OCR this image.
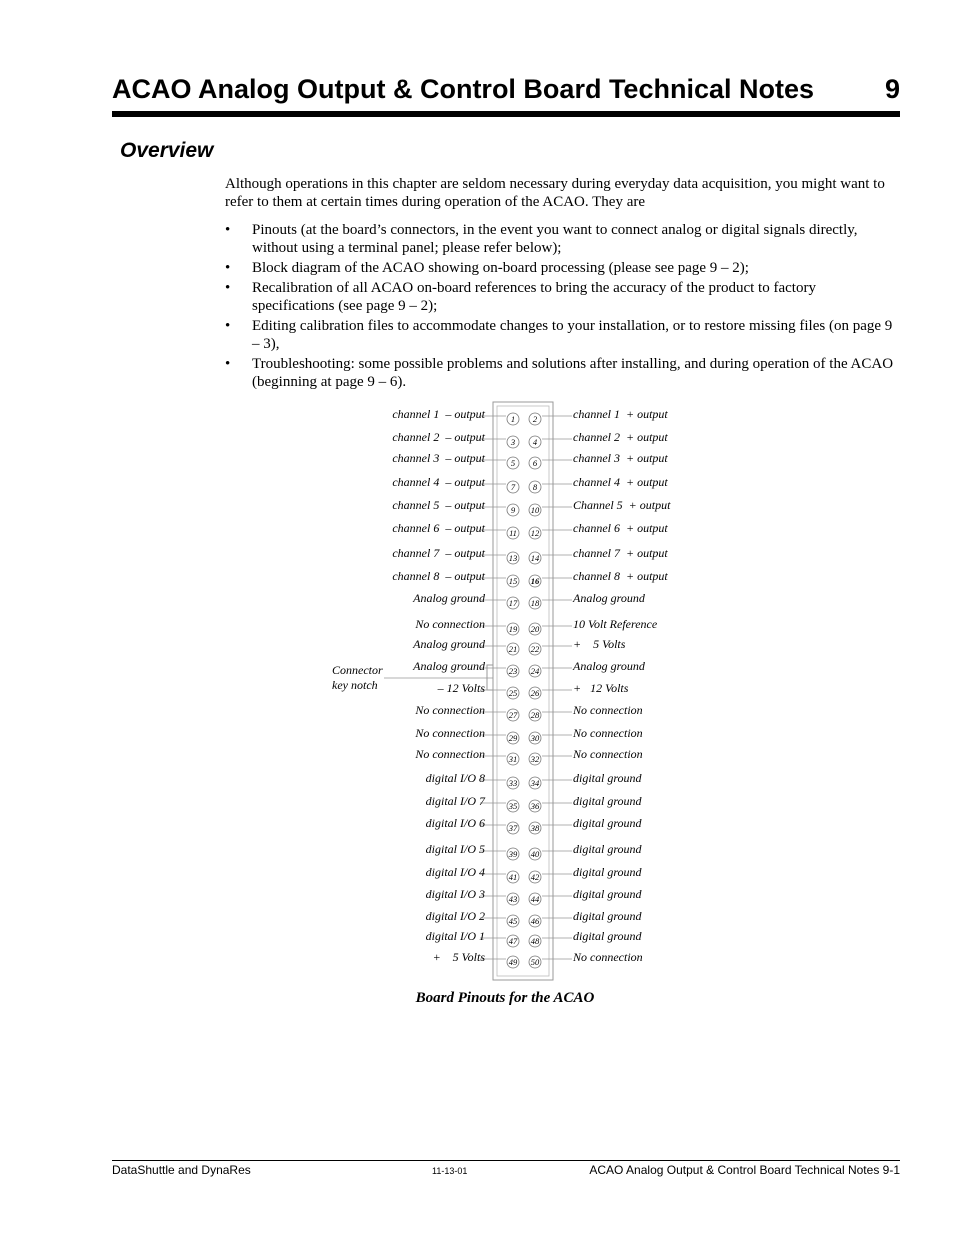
ACAO Analog Output & Control Board Technical Notes	9
Overview

Although operations in this chapter are seldom necessary during everyday data acquisition, you might want to refer to them at certain times during operation of the ACAO. They are

• Pinouts (at the board’s connectors, in the event you want to connect analog or digital signals directly, without using a terminal panel; please refer below);
• Block diagram of the ACAO showing on-board processing (please see page 9 – 2);
• Recalibration of all ACAO on-board references to bring the accuracy of the product to factory specifications (see page 9 – 2);
• Editing calibration files to accommodate changes to your installation, or to restore missing files (on page 9 – 3),
• Troubleshooting: some possible problems and solutions after installing, and during operation of the ACAO (beginning at page 9 – 6).
Connector
key notch
1 2
channel 1  – output	channel 1  + output
3 4
channel 2  – output	channel 2  + output
5 6
channel 3  – output	channel 3  + output
7 8
channel 4  – output	channel 4  + output
9 10
channel 5  – output	Channel 5  + output
11 12
channel 6  – output	channel 6  + output
13 14
channel 7  – output	channel 7  + output
15 16
channel 8  – output	channel 8  + output
17 18
Analog ground	Analog ground
19 20
No connection	10 Volt Reference
21 22
Analog ground	+    5 Volts
23 24
Analog ground	Analog ground
25 26
– 12 Volts	+   12 Volts
27 28
No connection	No connection
29 30
No connection	No connection
31 32
No connection	No connection
33 34
digital I/O 8	digital ground
35 36
digital I/O 7	digital ground
37 38
digital I/O 6	digital ground
39 40
digital I/O 5	digital ground
41 42
digital I/O 4	digital ground
43 44
digital I/O 3	digital ground
45 46
digital I/O 2	digital ground
47 48
digital I/O 1	digital ground
49 50
+    5 Volts	No connection
Board Pinouts for the ACAO
DataShuttle and DynaRes	11-13-01	ACAO Analog Output & Control Board Technical Notes 9-1
